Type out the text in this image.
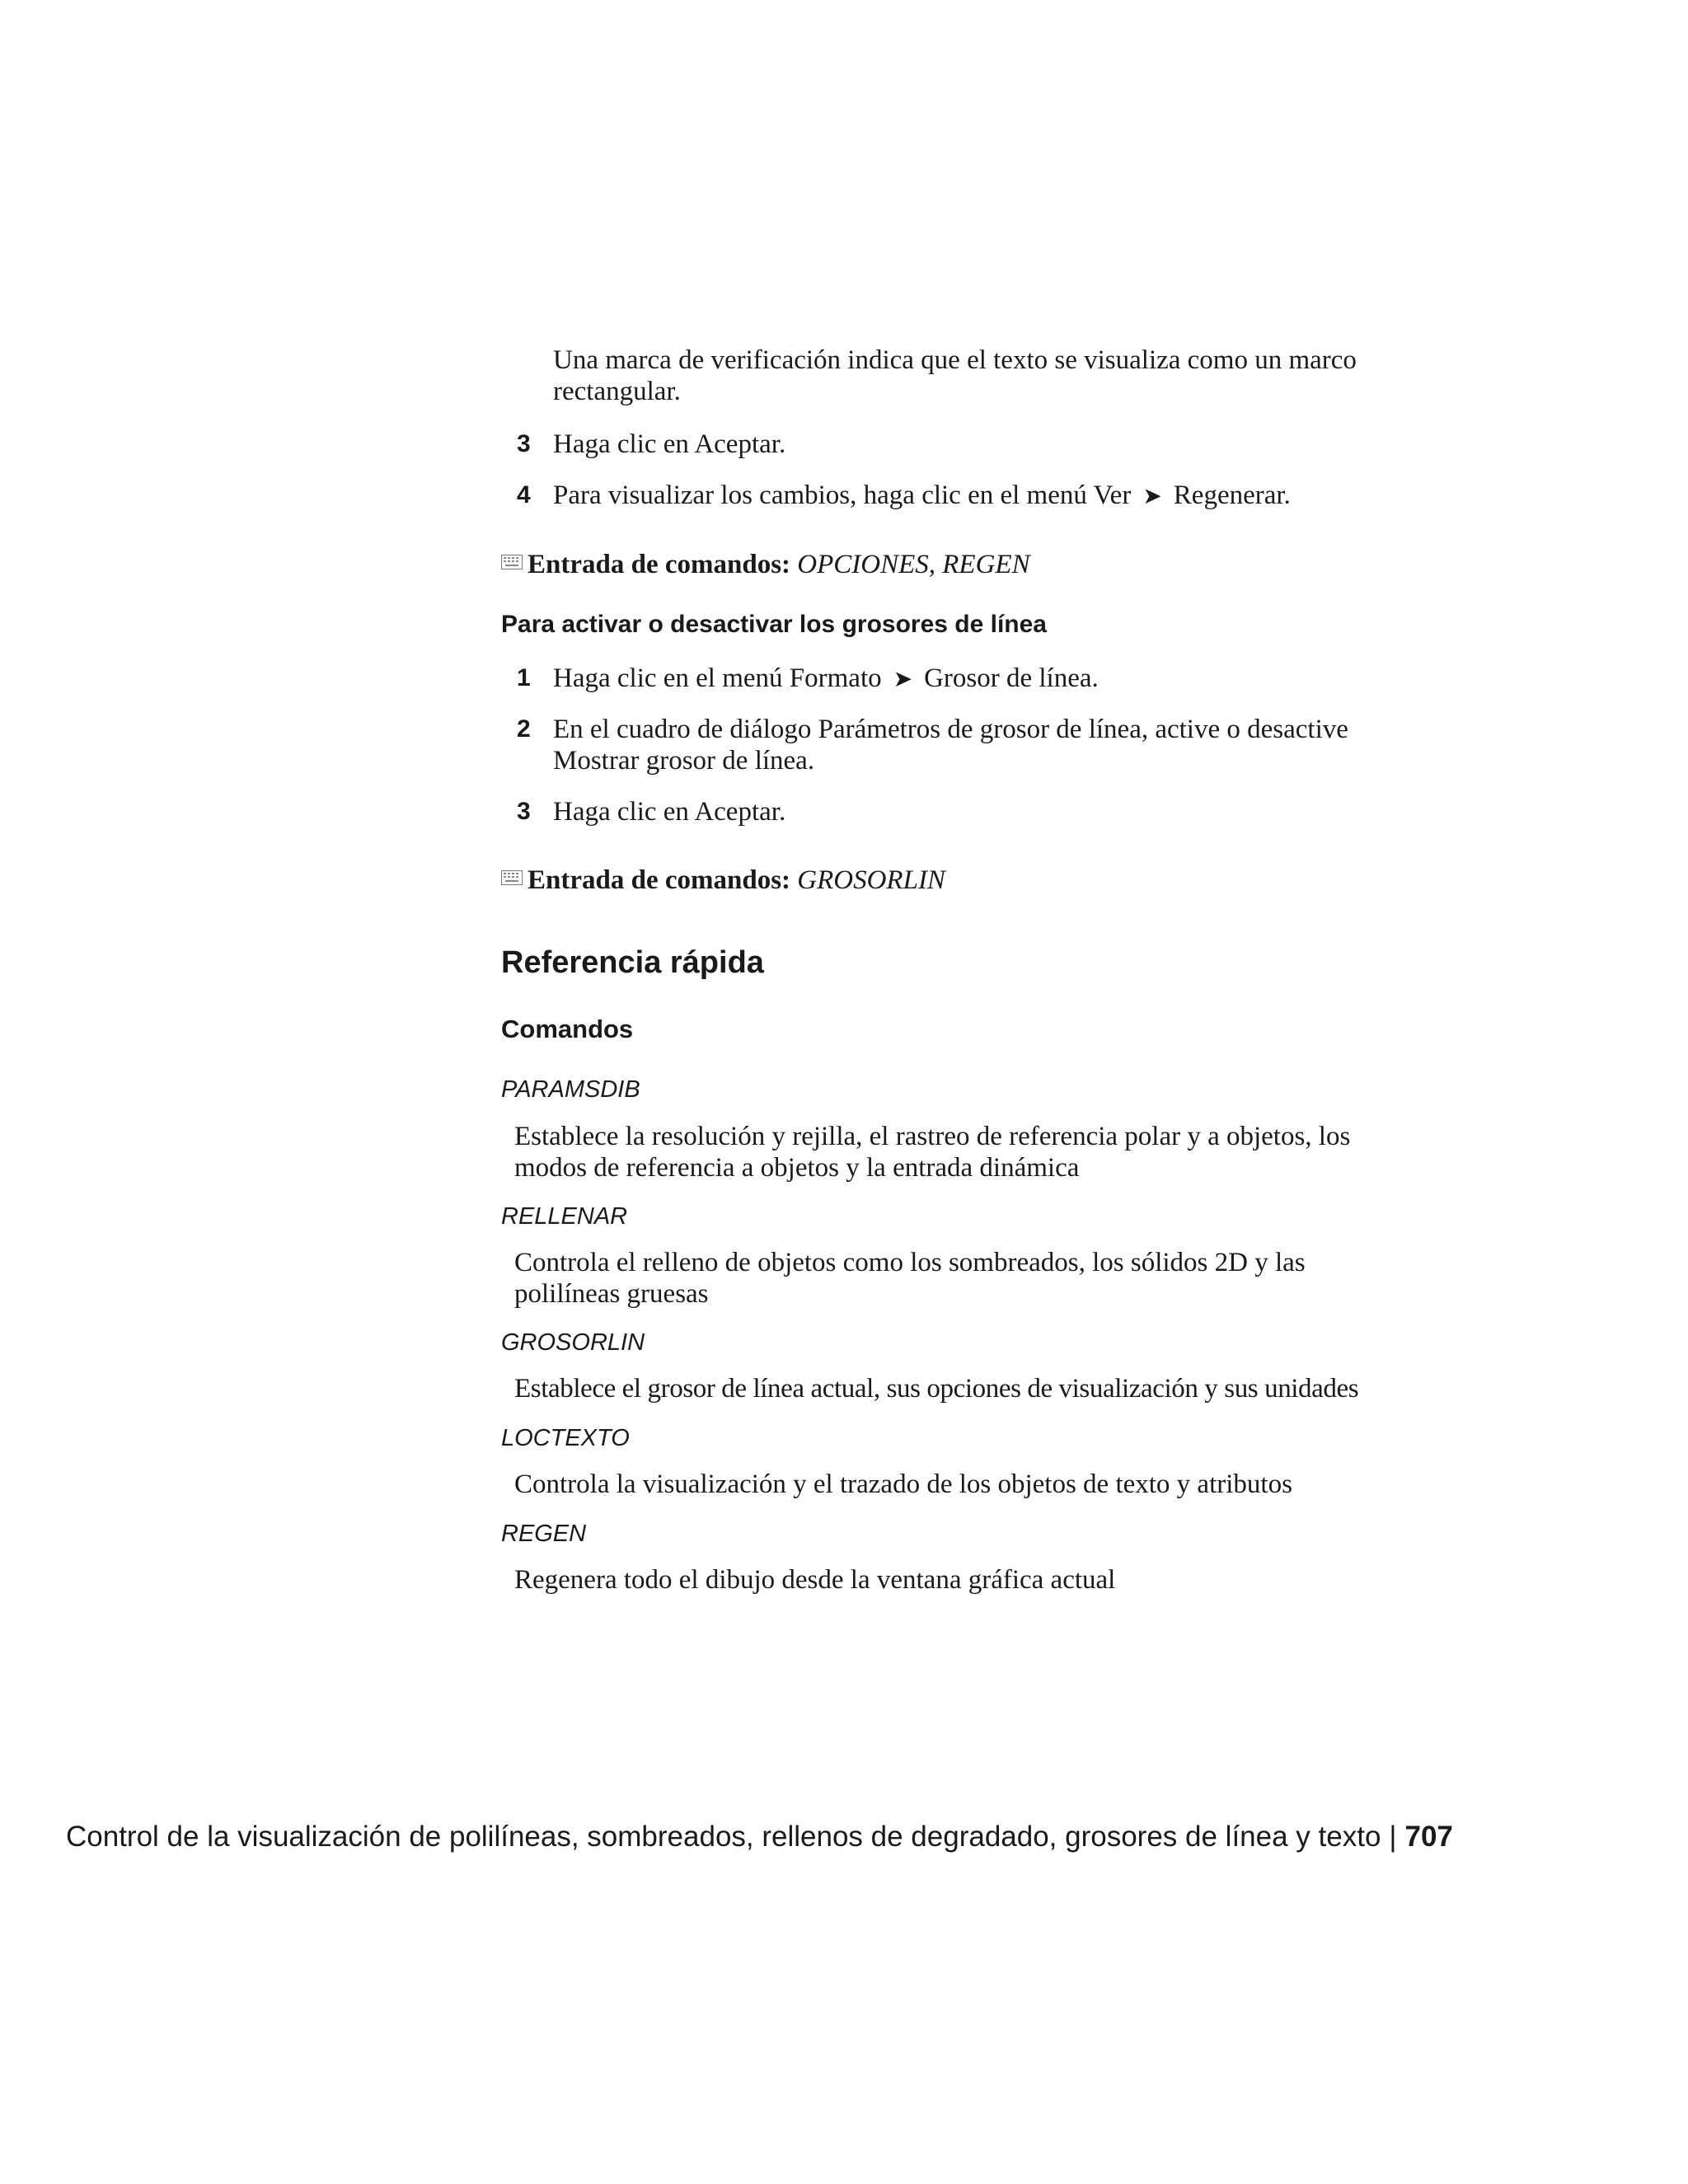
Una marca de verificación indica que el texto se visualiza como un marco rectangular.
3 Haga clic en Aceptar.
4 Para visualizar los cambios, haga clic en el menú Ver ➤ Regenerar.
Entrada de comandos: OPCIONES, REGEN
Para activar o desactivar los grosores de línea
1 Haga clic en el menú Formato ➤ Grosor de línea.
2 En el cuadro de diálogo Parámetros de grosor de línea, active o desactive Mostrar grosor de línea.
3 Haga clic en Aceptar.
Entrada de comandos: GROSORLIN
Referencia rápida
Comandos
PARAMSDIB
Establece la resolución y rejilla, el rastreo de referencia polar y a objetos, los modos de referencia a objetos y la entrada dinámica
RELLENAR
Controla el relleno de objetos como los sombreados, los sólidos 2D y las polilíneas gruesas
GROSORLIN
Establece el grosor de línea actual, sus opciones de visualización y sus unidades
LOCTEXTO
Controla la visualización y el trazado de los objetos de texto y atributos
REGEN
Regenera todo el dibujo desde la ventana gráfica actual
Control de la visualización de polilíneas, sombreados, rellenos de degradado, grosores de línea y texto | 707
